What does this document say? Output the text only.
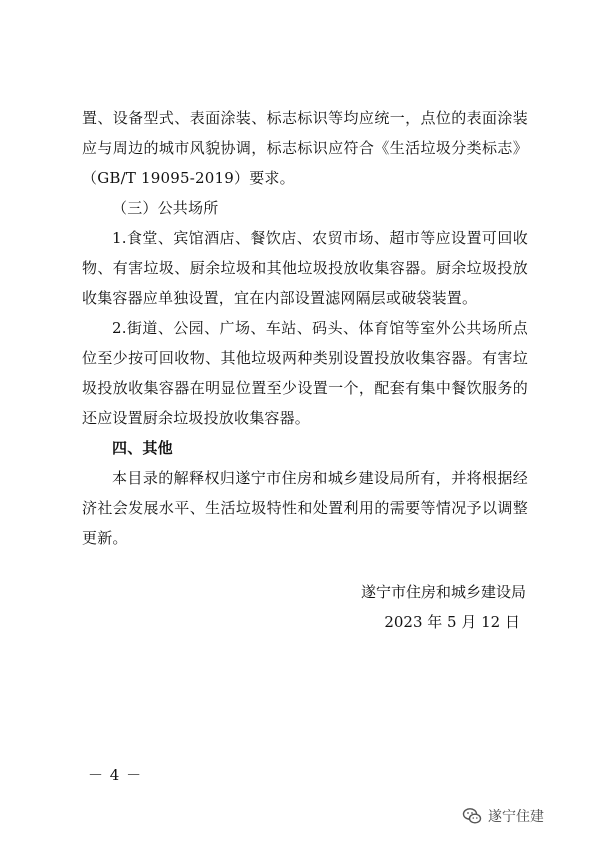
置、设备型式、表面涂装、标志标识等均应统一，点位的表面涂装应与周边的城市风貌协调，标志标识应符合《生活垃圾分类标志》（GB/T 19095-2019）要求。

（三）公共场所

1.食堂、宾馆酒店、餐饮店、农贸市场、超市等应设置可回收物、有害垃圾、厨余垃圾和其他垃圾投放收集容器。厨余垃圾投放收集容器应单独设置，宜在内部设置滤网隔层或破袋装置。

2.街道、公园、广场、车站、码头、体育馆等室外公共场所点位至少按可回收物、其他垃圾两种类别设置投放收集容器。有害垃圾投放收集容器在明显位置至少设置一个，配套有集中餐饮服务的还应设置厨余垃圾投放收集容器。

四、其他

本目录的解释权归遂宁市住房和城乡建设局所有，并将根据经济社会发展水平、生活垃圾特性和处置利用的需要等情况予以调整更新。

遂宁市住房和城乡建设局
2023 年 5 月 12 日
－ 4 －
遂宁住建
